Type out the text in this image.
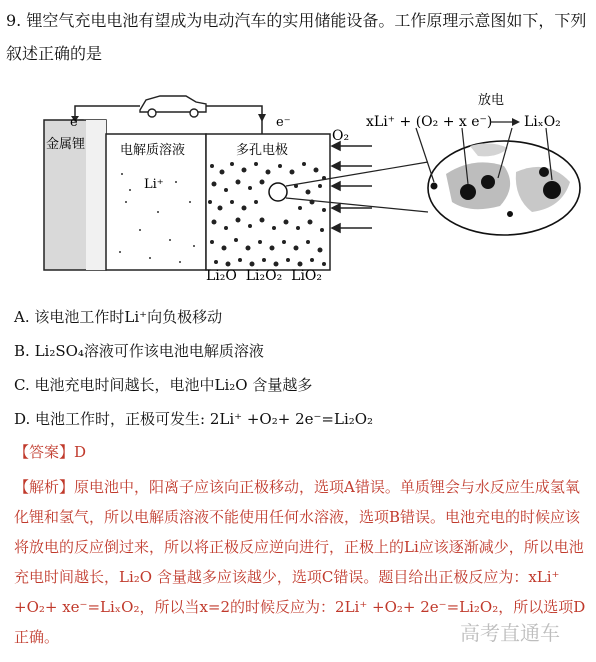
9. 锂空气充电电池有望成为电动汽车的实用储能设备。工作原理示意图如下，下列叙述正确的是
金属锂	电解质溶液
Li⁺
多孔电极
e⁻	e⁻
O₂
放电
xLi⁺ + (O₂ + x e⁻) LiₓO₂
Li₂O  Li₂O₂  LiO₂
A. 该电池工作时Li⁺向负极移动
B. Li₂SO₄溶液可作该电池电解质溶液
C. 电池充电时间越长，电池中Li₂O 含量越多
D. 电池工作时，正极可发生: 2Li⁺ +O₂+ 2e⁻=Li₂O₂
【答案】D
【解析】原电池中，阳离子应该向正极移动，选项A错误。单质锂会与水反应生成氢氧化锂和氢气，所以电解质溶液不能使用任何水溶液，选项B错误。电池充电的时候应该将放电的反应倒过来，所以将正极反应逆向进行，正极上的Li应该逐渐减少，所以电池充电时间越长，Li₂O 含量越多应该越少，选项C错误。题目给出正极反应为：xLi⁺ +O₂+ xe⁻=LiₓO₂，所以当x=2的时候反应为：2Li⁺ +O₂+ 2e⁻=Li₂O₂，所以选项D正确。	高考直通车
